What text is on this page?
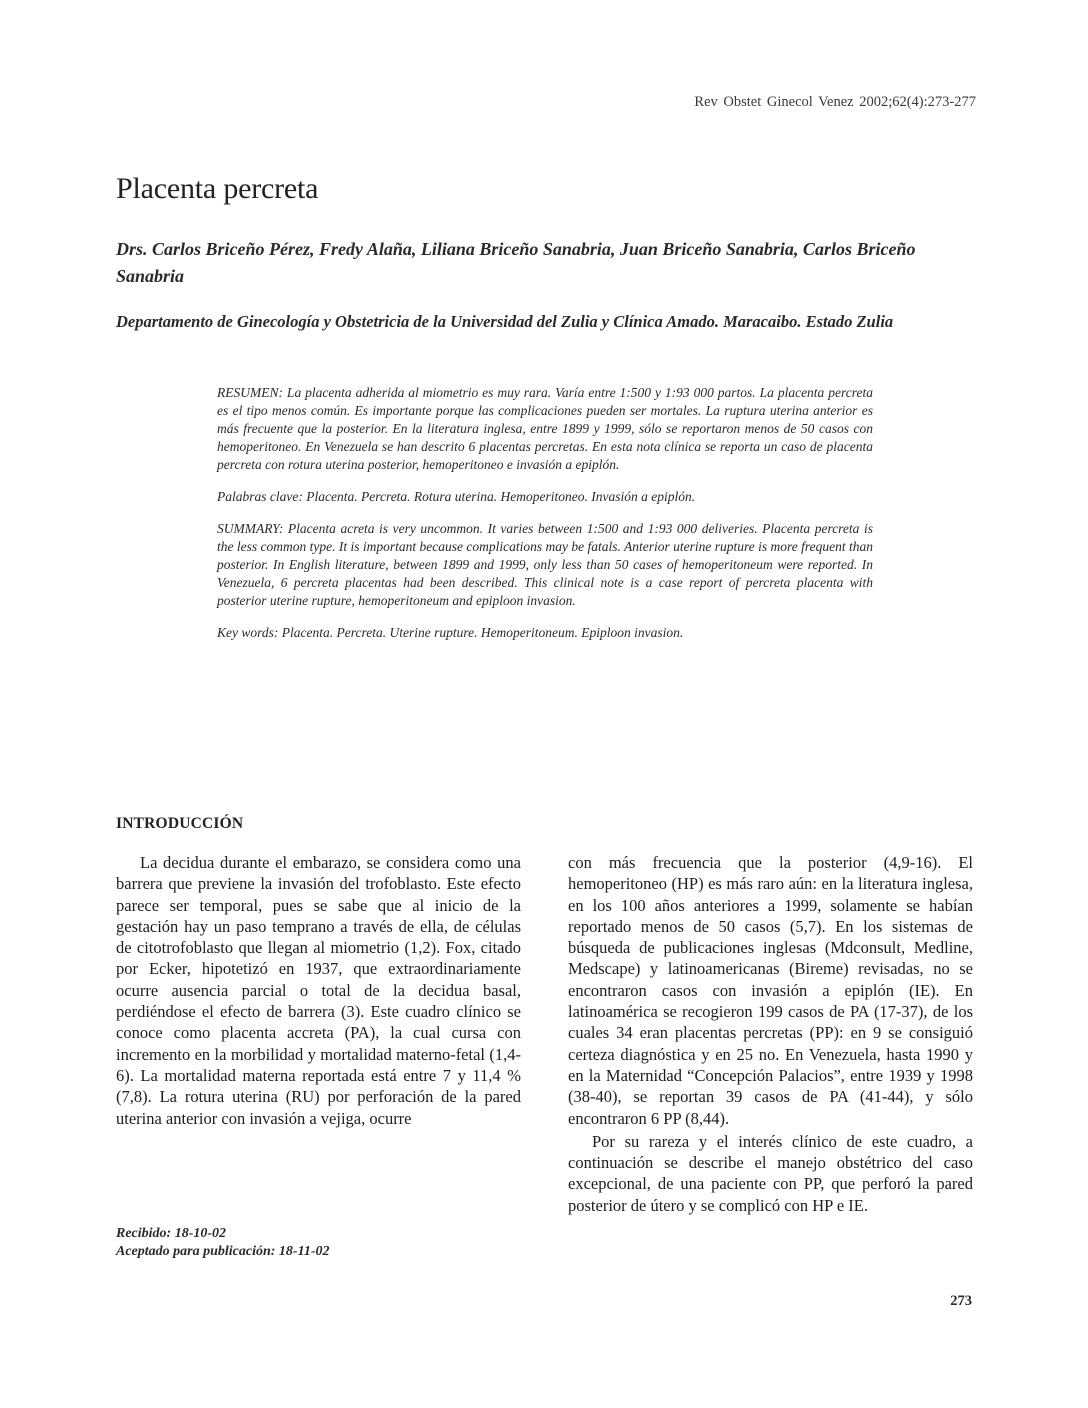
Rev Obstet Ginecol Venez 2002;62(4):273-277
Placenta percreta

Drs. Carlos Briceño Pérez, Fredy Alaña, Liliana Briceño Sanabria, Juan Briceño Sanabria, Carlos Briceño Sanabria

Departamento de Ginecología y Obstetricia de la Universidad del Zulia y Clínica Amado. Maracaibo. Estado Zulia

RESUMEN: La placenta adherida al miometrio es muy rara. Varía entre 1:500 y 1:93 000 partos. La placenta percreta es el tipo menos común. Es importante porque las complicaciones pueden ser mortales. La ruptura uterina anterior es más frecuente que la posterior. En la literatura inglesa, entre 1899 y 1999, sólo se reportaron menos de 50 casos con hemoperitoneo. En Venezuela se han descrito 6 placentas percretas. En esta nota clínica se reporta un caso de placenta percreta con rotura uterina posterior, hemoperitoneo e invasión a epiplón.

Palabras clave: Placenta. Percreta. Rotura uterina. Hemoperitoneo. Invasión a epiplón.

SUMMARY: Placenta acreta is very uncommon. It varies between 1:500 and 1:93 000 deliveries. Placenta percreta is the less common type. It is important because complications may be fatals. Anterior uterine rupture is more frequent than posterior. In English literature, between 1899 and 1999, only less than 50 cases of hemoperitoneum were reported. In Venezuela, 6 percreta placentas had been described. This clinical note is a case report of percreta placenta with posterior uterine rupture, hemoperitoneum and epiploon invasion.

Key words: Placenta. Percreta. Uterine rupture. Hemoperitoneum. Epiploon invasion.

INTRODUCCIÓN

La decidua durante el embarazo, se considera como una barrera que previene la invasión del trofoblasto. Este efecto parece ser temporal, pues se sabe que al inicio de la gestación hay un paso temprano a través de ella, de células de citotrofoblasto que llegan al miometrio (1,2). Fox, citado por Ecker, hipotetizó en 1937, que extraordinariamente ocurre ausencia parcial o total de la decidua basal, perdiéndose el efecto de barrera (3). Este cuadro clínico se conoce como placenta accreta (PA), la cual cursa con incremento en la morbilidad y mortalidad materno-fetal (1,4-6). La mortalidad materna reportada está entre 7 y 11,4 % (7,8). La rotura uterina (RU) por perforación de la pared uterina anterior con invasión a vejiga, ocurre

con más frecuencia que la posterior (4,9-16). El hemoperitoneo (HP) es más raro aún: en la literatura inglesa, en los 100 años anteriores a 1999, solamente se habían reportado menos de 50 casos (5,7). En los sistemas de búsqueda de publicaciones inglesas (Mdconsult, Medline, Medscape) y latinoamericanas (Bireme) revisadas, no se encontraron casos con invasión a epiplón (IE). En latinoamérica se recogieron 199 casos de PA (17-37), de los cuales 34 eran placentas percretas (PP): en 9 se consiguió certeza diagnóstica y en 25 no. En Venezuela, hasta 1990 y en la Maternidad “Concepción Palacios”, entre 1939 y 1998 (38-40), se reportan 39 casos de PA (41-44), y sólo encontraron 6 PP (8,44).

Por su rareza y el interés clínico de este cuadro, a continuación se describe el manejo obstétrico del caso excepcional, de una paciente con PP, que perforó la pared posterior de útero y se complicó con HP e IE.

Recibido: 18-10-02
Aceptado para publicación: 18-11-02
273
